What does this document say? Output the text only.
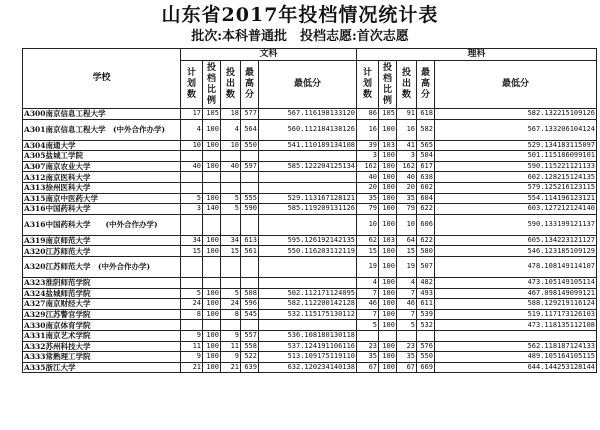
山东省2017年投档情况统计表
批次:本科普通批　投档志愿:首次志愿
学校	文科					理科				
	计划数	投档比例	投出数	最高分	最低分	计划数	投档比例	投出数	最高分	最低分
A300南京信息工程大学	17	105	18	577	567.116198133120	86	105	91	618	582.132215109126
A301南京信息工程大学　(中外合作办学)	4	100	4	564	560.112184138126	16	100	16	582	567.133206104124
A304南通大学	10	100	10	550	541.110189134108	39	103	41	565	529.134183115097
A305盐城工学院						3	100	3	504	501.115186099101
A307南京农业大学	40	100	40	597	585.122204125134	162	100	162	617	590.115221121133
A312南京医科大学						40	100	40	638	602.128215124135
A313徐州医科大学						20	100	20	602	579.125216123115
A315南京中医药大学	5	100	5	555	529.113167128121	35	100	35	604	554.114196123121
A316中国药科大学	3	140	5	590	585.119209131126	79	100	79	622	603.127212124140
A316中国药科大学　　(中外合作办学)						10	100	10	606	590.133199121137
A319南京师范大学	34	100	34	613	595.126192142135	62	103	64	622	605.134223121127
A320江苏师范大学	15	100	15	561	550.116203112119	15	100	15	580	546.123185109129
A320江苏师范大学　(中外合作办学)						19	100	19	507	478.108149114107
A323淮阴师范学院						4	100	4	482	473.105149105114
A324盐城师范学院	5	100	5	508	502.112171124095	7	100	7	493	467.098149099121
A327南京财经大学	24	100	24	596	582.112200142128	46	100	46	611	588.129219116124
A329江苏警官学院	8	100	8	545	532.115175130112	7	100	7	539	519.117173126103
A330南京体育学院						5	100	5	532	473.118135112108
A331南京艺术学院	9	100	9	557	536.108180130118					
A332苏州科技大学	11	100	11	558	537.124191106116	23	100	23	576	562.118187124133
A333常熟理工学院	9	100	9	522	513.109175119110	35	100	35	550	489.105164105115
A335浙江大学	21	100	21	639	632.120234140138	67	100	67	669	644.144253128144
